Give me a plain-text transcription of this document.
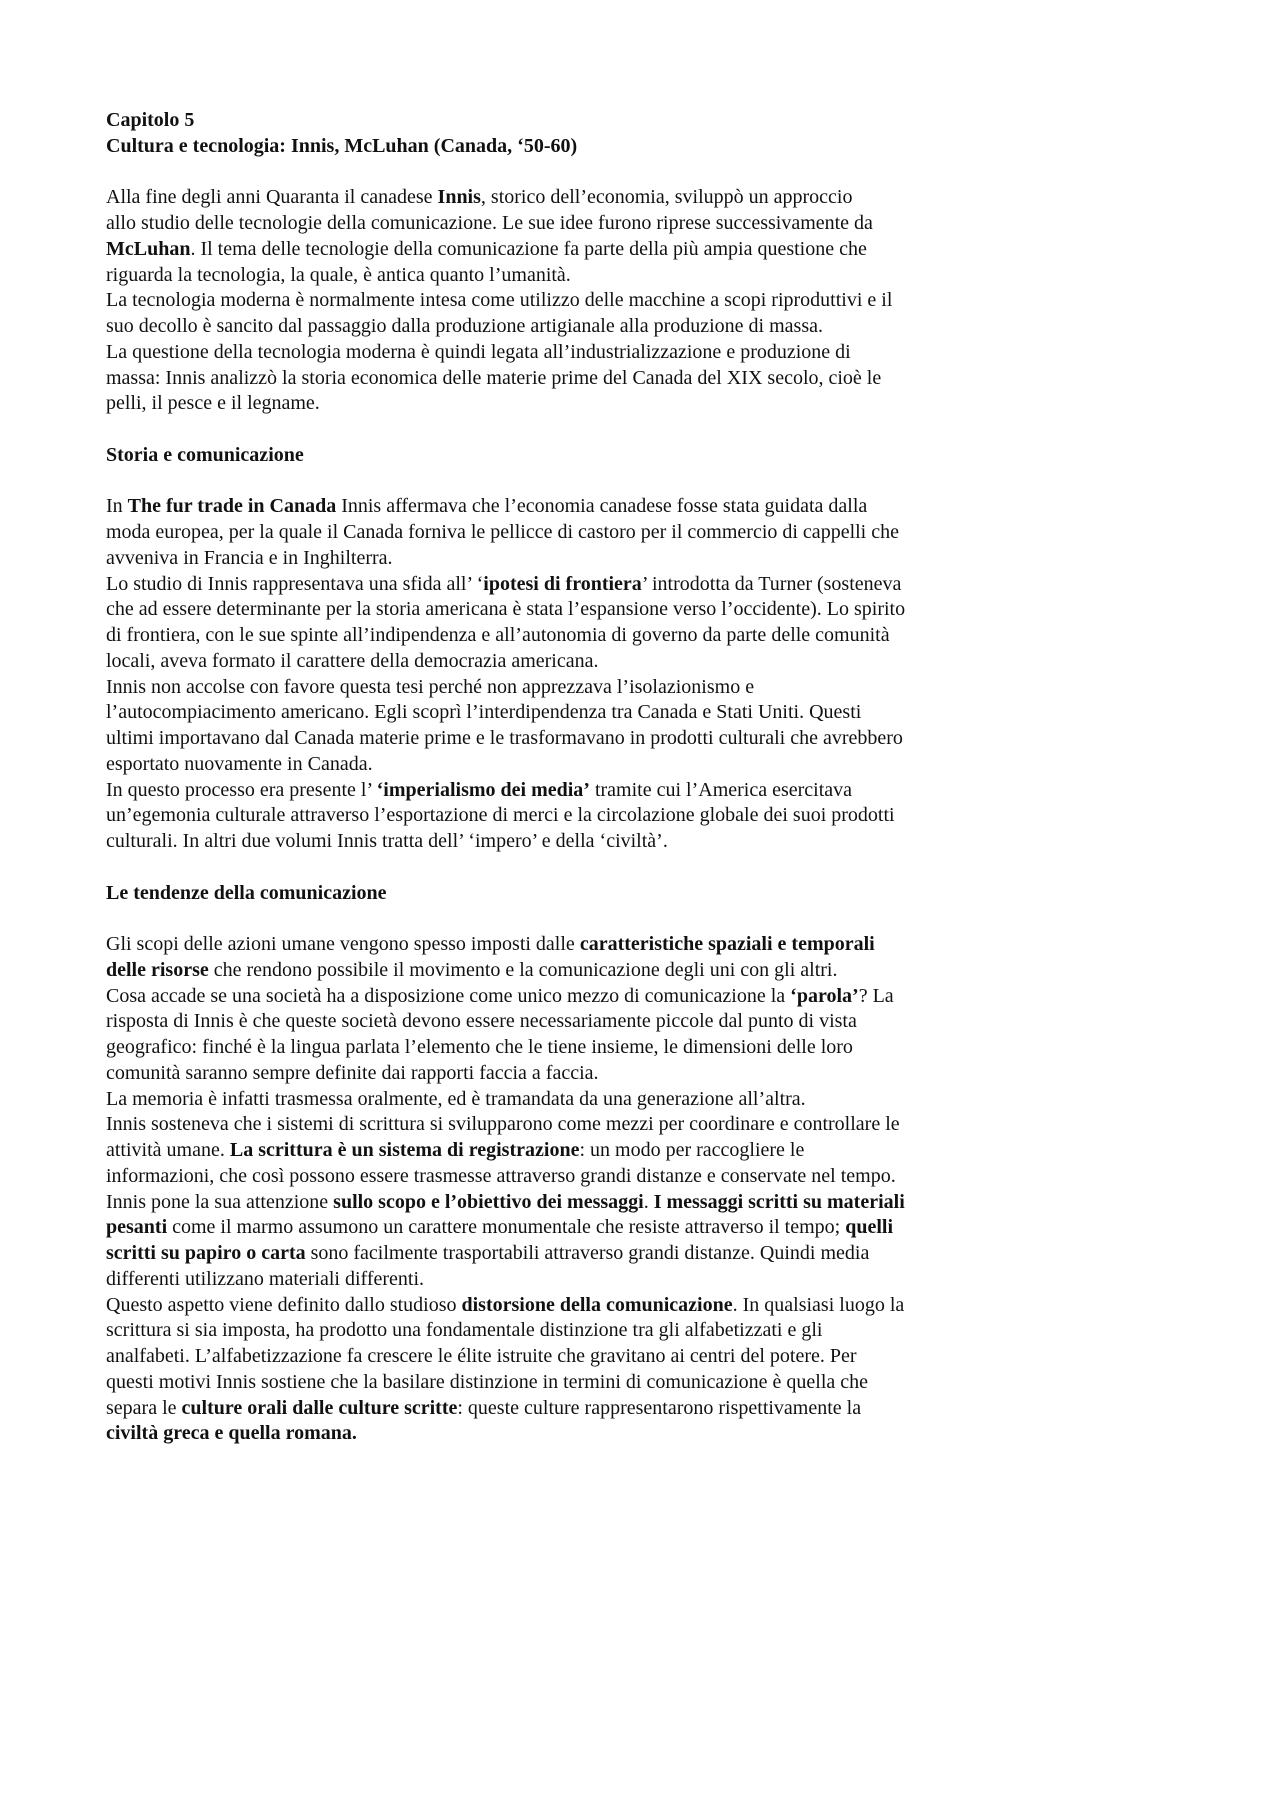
Capitolo 5
Cultura e tecnologia: Innis, McLuhan (Canada, ‘50-60)
Alla fine degli anni Quaranta il canadese Innis, storico dell’economia, sviluppò un approccio
allo studio delle tecnologie della comunicazione. Le sue idee furono riprese successivamente da
McLuhan. Il tema delle tecnologie della comunicazione fa parte della più ampia questione che
riguarda la tecnologia, la quale, è antica quanto l’umanità.
La tecnologia moderna è normalmente intesa come utilizzo delle macchine a scopi riproduttivi e il
suo decollo è sancito dal passaggio dalla produzione artigianale alla produzione di massa.
La questione della tecnologia moderna è quindi legata all’industrializzazione e produzione di
massa: Innis analizzò la storia economica delle materie prime del Canada del XIX secolo, cioè le
pelli, il pesce e il legname.
Storia e comunicazione
In The fur trade in Canada Innis affermava che l’economia canadese fosse stata guidata dalla
moda europea, per la quale il Canada forniva le pellicce di castoro per il commercio di cappelli che
avveniva in Francia e in Inghilterra.
Lo studio di Innis rappresentava una sfida all’ ‘ipotesi di frontiera’ introdotta da Turner (sosteneva
che ad essere determinante per la storia americana è stata l’espansione verso l’occidente). Lo spirito
di frontiera, con le sue spinte all’indipendenza e all’autonomia di governo da parte delle comunità
locali, aveva formato il carattere della democrazia americana.
Innis non accolse con favore questa tesi perché non apprezzava l’isolazionismo e
l’autocompiacimento americano. Egli scoprì l’interdipendenza tra Canada e Stati Uniti. Questi
ultimi importavano dal Canada materie prime e le trasformavano in prodotti culturali che avrebbero
esportato nuovamente in Canada.
In questo processo era presente l’ ‘imperialismo dei media’ tramite cui l’America esercitava
un’egemonia culturale attraverso l’esportazione di merci e la circolazione globale dei suoi prodotti
culturali. In altri due volumi Innis tratta dell’ ‘impero’ e della ‘civiltà’.
Le tendenze della comunicazione
Gli scopi delle azioni umane vengono spesso imposti dalle caratteristiche spaziali e temporali
delle risorse che rendono possibile il movimento e la comunicazione degli uni con gli altri.
Cosa accade se una società ha a disposizione come unico mezzo di comunicazione la ‘parola’? La
risposta di Innis è che queste società devono essere necessariamente piccole dal punto di vista
geografico: finché è la lingua parlata l’elemento che le tiene insieme, le dimensioni delle loro
comunità saranno sempre definite dai rapporti faccia a faccia.
La memoria è infatti trasmessa oralmente, ed è tramandata da una generazione all’altra.
Innis sosteneva che i sistemi di scrittura si svilupparono come mezzi per coordinare e controllare le
attività umane. La scrittura è un sistema di registrazione: un modo per raccogliere le
informazioni, che così possono essere trasmesse attraverso grandi distanze e conservate nel tempo.
Innis pone la sua attenzione sullo scopo e l’obiettivo dei messaggi. I messaggi scritti su materiali
pesanti come il marmo assumono un carattere monumentale che resiste attraverso il tempo; quelli
scritti su papiro o carta sono facilmente trasportabili attraverso grandi distanze. Quindi media
differenti utilizzano materiali differenti.
Questo aspetto viene definito dallo studioso distorsione della comunicazione. In qualsiasi luogo la
scrittura si sia imposta, ha prodotto una fondamentale distinzione tra gli alfabetizzati e gli
analfabeti. L’alfabetizzazione fa crescere le élite istruite che gravitano ai centri del potere. Per
questi motivi Innis sostiene che la basilare distinzione in termini di comunicazione è quella che
separa le culture orali dalle culture scritte: queste culture rappresentarono rispettivamente la
civiltà greca e quella romana.
